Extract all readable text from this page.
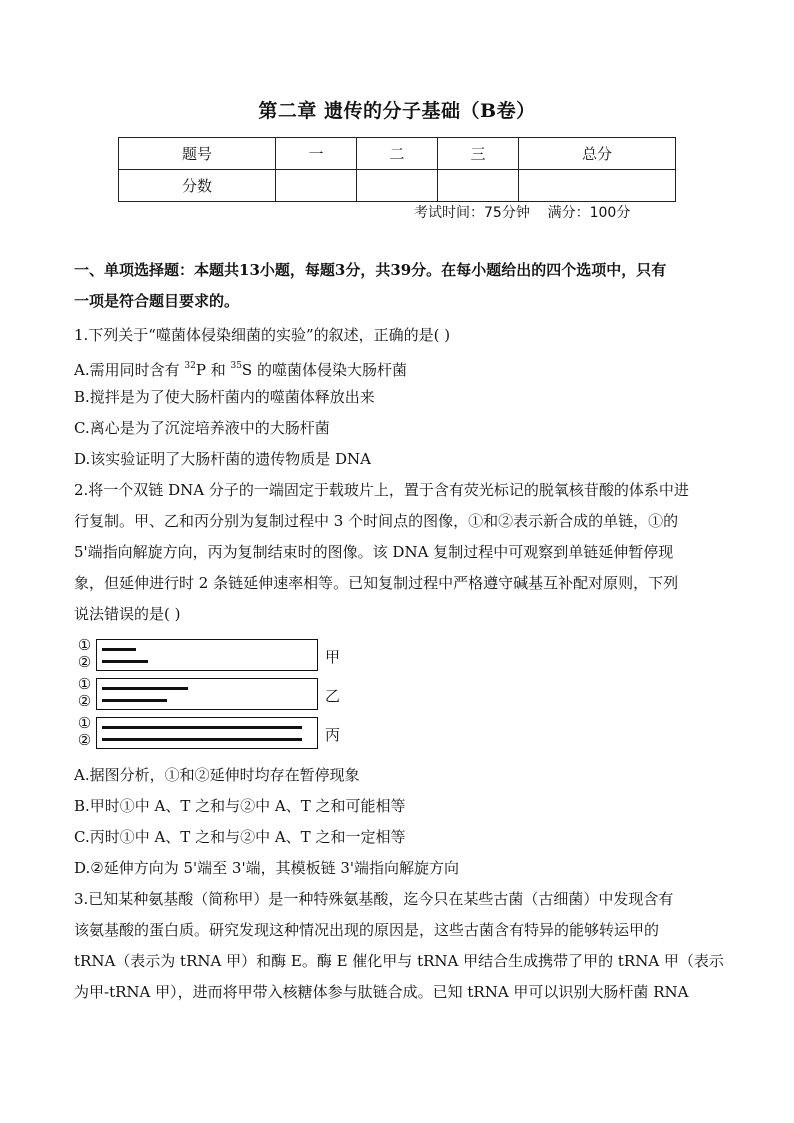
第二章 遗传的分子基础（B卷）
题号	一	二	三	总分
分数				
考试时间：75分钟    满分：100分
一、单项选择题：本题共13小题，每题3分，共39分。在每小题给出的四个选项中，只有
一项是符合题目要求的。
1.下列关于“噬菌体侵染细菌的实验”的叙述，正确的是( )
A.需用同时含有 $^{32}$P 和 $^{35}$S 的噬菌体侵染大肠杆菌
B.搅拌是为了使大肠杆菌内的噬菌体释放出来
C.离心是为了沉淀培养液中的大肠杆菌
D.该实验证明了大肠杆菌的遗传物质是 DNA
2.将一个双链 DNA 分子的一端固定于载玻片上，置于含有荧光标记的脱氧核苷酸的体系中进
行复制。甲、乙和丙分别为复制过程中 3 个时间点的图像，①和②表示新合成的单链，①的
5'端指向解旋方向，丙为复制结束时的图像。该 DNA 复制过程中可观察到单链延伸暂停现
象，但延伸进行时 2 条链延伸速率相等。已知复制过程中严格遵守碱基互补配对原则，下列
说法错误的是( )
①
②	甲
①
②	乙
①
②	丙
A.据图分析，①和②延伸时均存在暂停现象
B.甲时①中 A、T 之和与②中 A、T 之和可能相等
C.丙时①中 A、T 之和与②中 A、T 之和一定相等
D.②延伸方向为 5'端至 3'端，其模板链 3'端指向解旋方向
3.已知某种氨基酸（简称甲）是一种特殊氨基酸，迄今只在某些古菌（古细菌）中发现含有
该氨基酸的蛋白质。研究发现这种情况出现的原因是，这些古菌含有特异的能够转运甲的
tRNA（表示为 tRNA 甲）和酶 E。酶 E 催化甲与 tRNA 甲结合生成携带了甲的 tRNA 甲（表示
为甲-tRNA 甲），进而将甲带入核糖体参与肽链合成。已知 tRNA 甲可以识别大肠杆菌 RNA
